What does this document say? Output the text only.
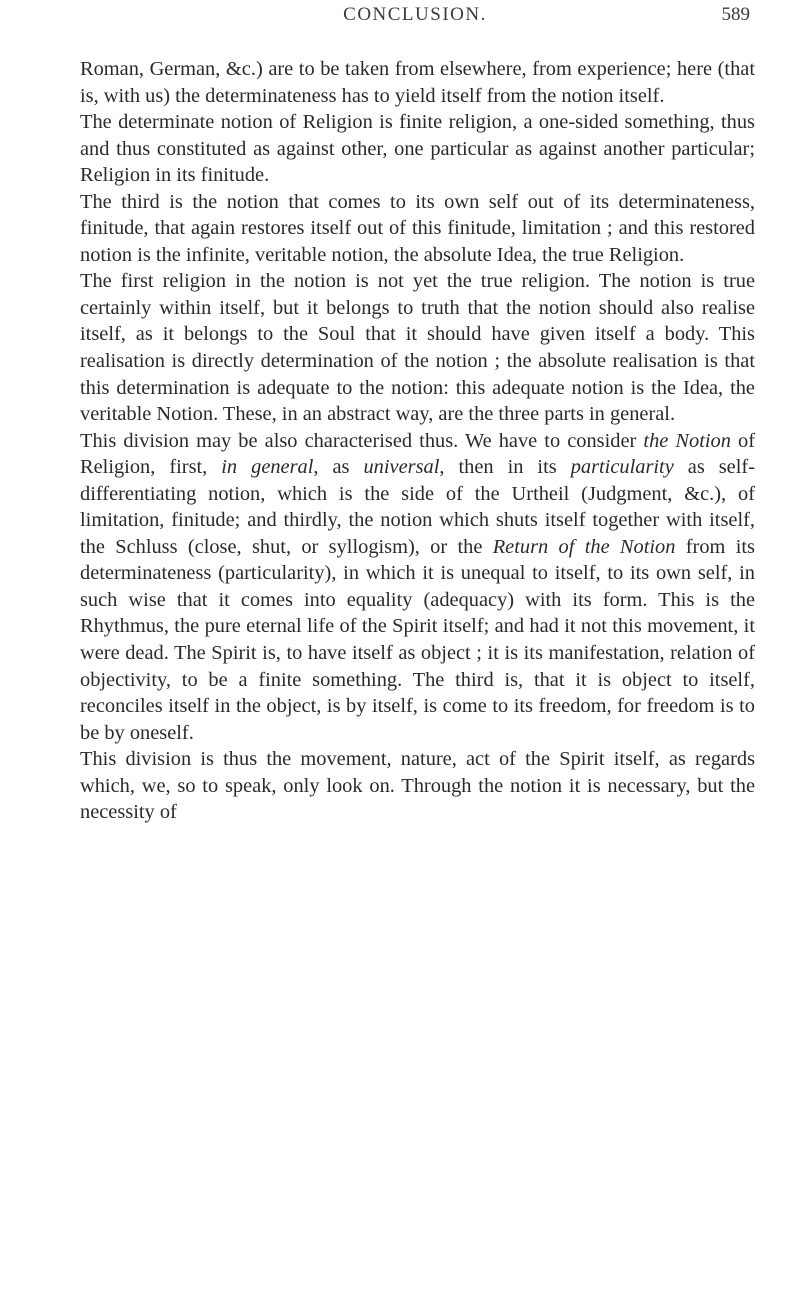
CONCLUSION.	589

Roman, German, &c.) are to be taken from elsewhere, from experience; here (that is, with us) the determinateness has to yield itself from the notion itself.

The determinate notion of Religion is finite religion, a one-sided something, thus and thus constituted as against other, one particular as against another particular; Religion in its finitude.

The third is the notion that comes to its own self out of its determinateness, finitude, that again restores itself out of this finitude, limitation ; and this restored notion is the infinite, veritable notion, the absolute Idea, the true Religion.

The first religion in the notion is not yet the true religion. The notion is true certainly within itself, but it belongs to truth that the notion should also realise itself, as it belongs to the Soul that it should have given itself a body. This realisation is directly determination of the notion ; the absolute realisation is that this determination is adequate to the notion: this adequate notion is the Idea, the veritable Notion. These, in an abstract way, are the three parts in general.

This division may be also characterised thus. We have to consider the Notion of Religion, first, in general, as universal, then in its particularity as self-differentiating notion, which is the side of the Urtheil (Judgment, &c.), of limitation, finitude; and thirdly, the notion which shuts itself together with itself, the Schluss (close, shut, or syllogism), or the Return of the Notion from its determinateness (particularity), in which it is unequal to itself, to its own self, in such wise that it comes into equality (adequacy) with its form. This is the Rhythmus, the pure eternal life of the Spirit itself; and had it not this movement, it were dead. The Spirit is, to have itself as object ; it is its manifestation, relation of objectivity, to be a finite something. The third is, that it is object to itself, reconciles itself in the object, is by itself, is come to its freedom, for freedom is to be by oneself.

This division is thus the movement, nature, act of the Spirit itself, as regards which, we, so to speak, only look on. Through the notion it is necessary, but the necessity of
